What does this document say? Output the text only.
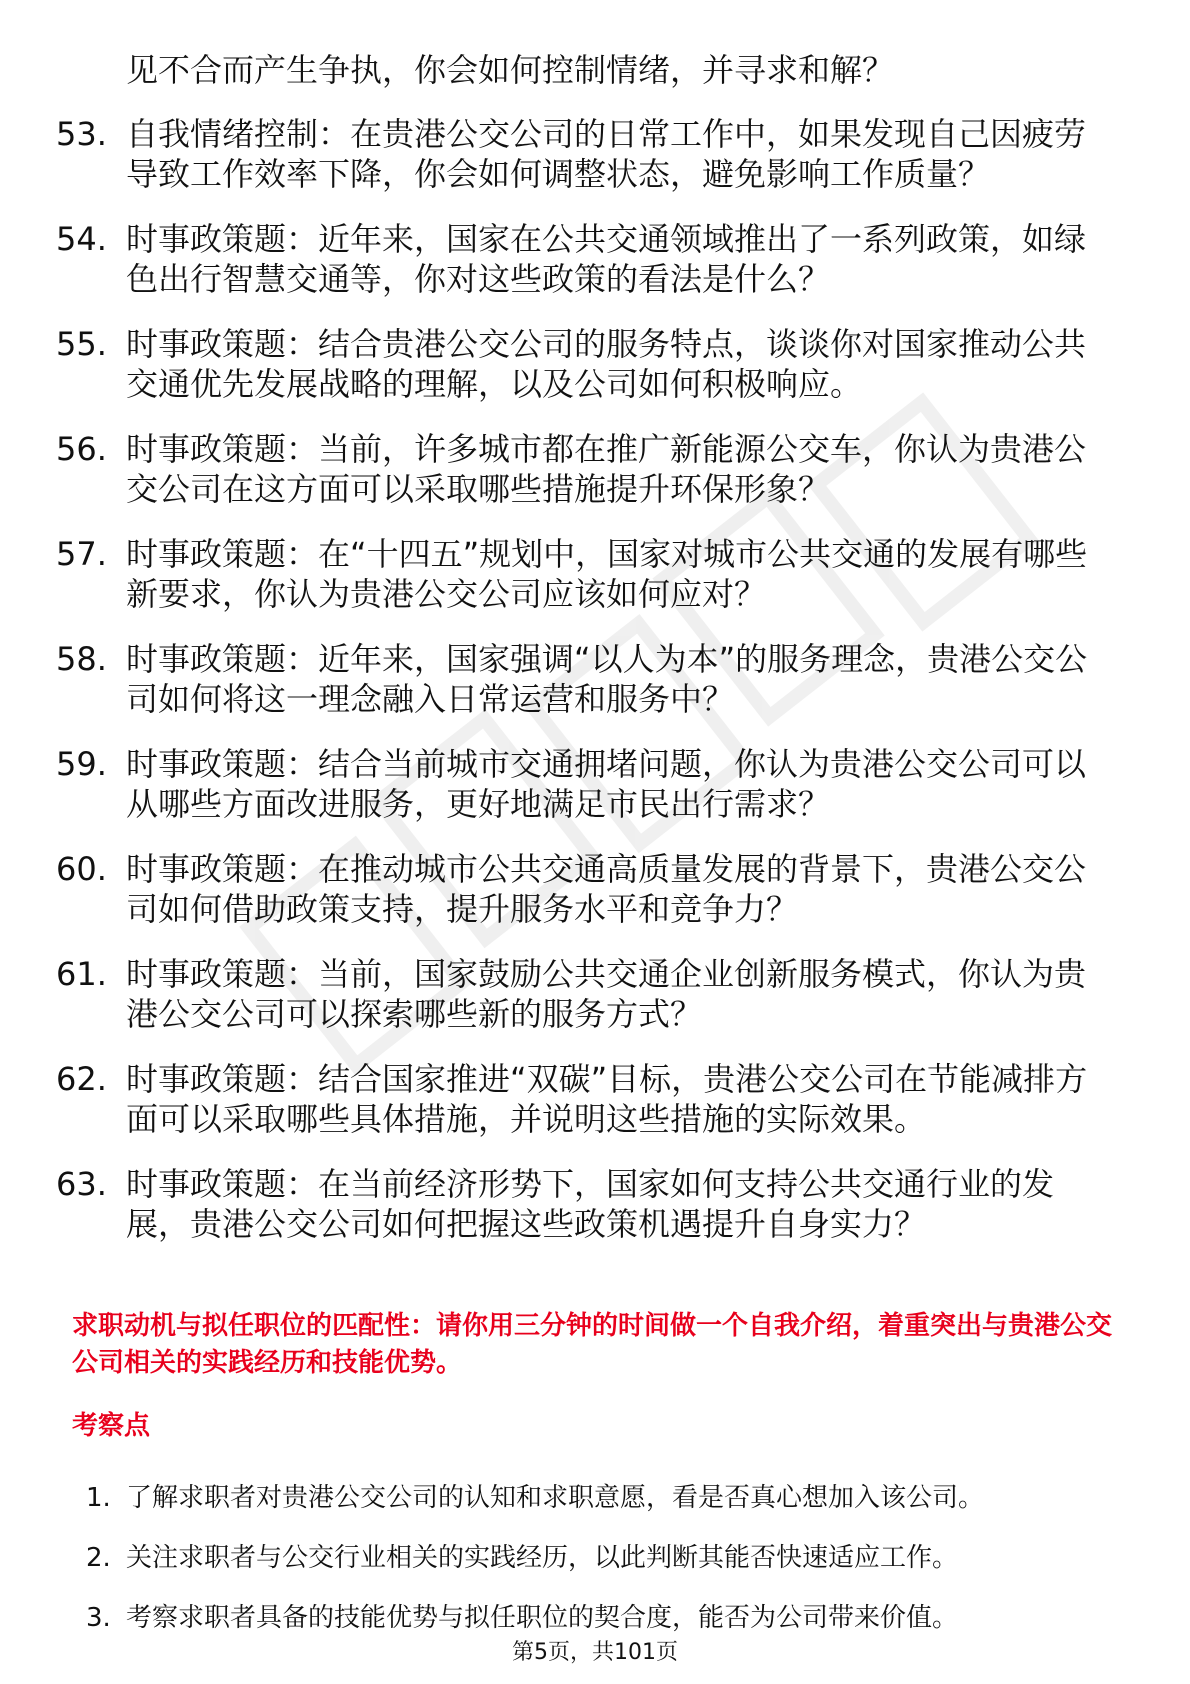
见不合而产生争执，你会如何控制情绪，并寻求和解？
53. 自我情绪控制：在贵港公交公司的日常工作中，如果发现自己因疲劳导致工作效率下降，你会如何调整状态，避免影响工作质量？
54. 时事政策题：近年来，国家在公共交通领域推出了一系列政策，如绿色出行智慧交通等，你对这些政策的看法是什么？
55. 时事政策题：结合贵港公交公司的服务特点，谈谈你对国家推动公共交通优先发展战略的理解，以及公司如何积极响应。
56. 时事政策题：当前，许多城市都在推广新能源公交车，你认为贵港公交公司在这方面可以采取哪些措施提升环保形象？
57. 时事政策题：在“十四五”规划中，国家对城市公共交通的发展有哪些新要求，你认为贵港公交公司应该如何应对？
58. 时事政策题：近年来，国家强调“以人为本”的服务理念，贵港公交公司如何将这一理念融入日常运营和服务中？
59. 时事政策题：结合当前城市交通拥堵问题，你认为贵港公交公司可以从哪些方面改进服务，更好地满足市民出行需求？
60. 时事政策题：在推动城市公共交通高质量发展的背景下，贵港公交公司如何借助政策支持，提升服务水平和竞争力？
61. 时事政策题：当前，国家鼓励公共交通企业创新服务模式，你认为贵港公交公司可以探索哪些新的服务方式？
62. 时事政策题：结合国家推进“双碳”目标，贵港公交公司在节能减排方面可以采取哪些具体措施，并说明这些措施的实际效果。
63. 时事政策题：在当前经济形势下，国家如何支持公共交通行业的发展，贵港公交公司如何把握这些政策机遇提升自身实力？
求职动机与拟任职位的匹配性：请你用三分钟的时间做一个自我介绍，着重突出与贵港公交公司相关的实践经历和技能优势。
考察点
1. 了解求职者对贵港公交公司的认知和求职意愿，看是否真心想加入该公司。
2. 关注求职者与公交行业相关的实践经历，以此判断其能否快速适应工作。
3. 考察求职者具备的技能优势与拟任职位的契合度，能否为公司带来价值。
第5页，共101页
